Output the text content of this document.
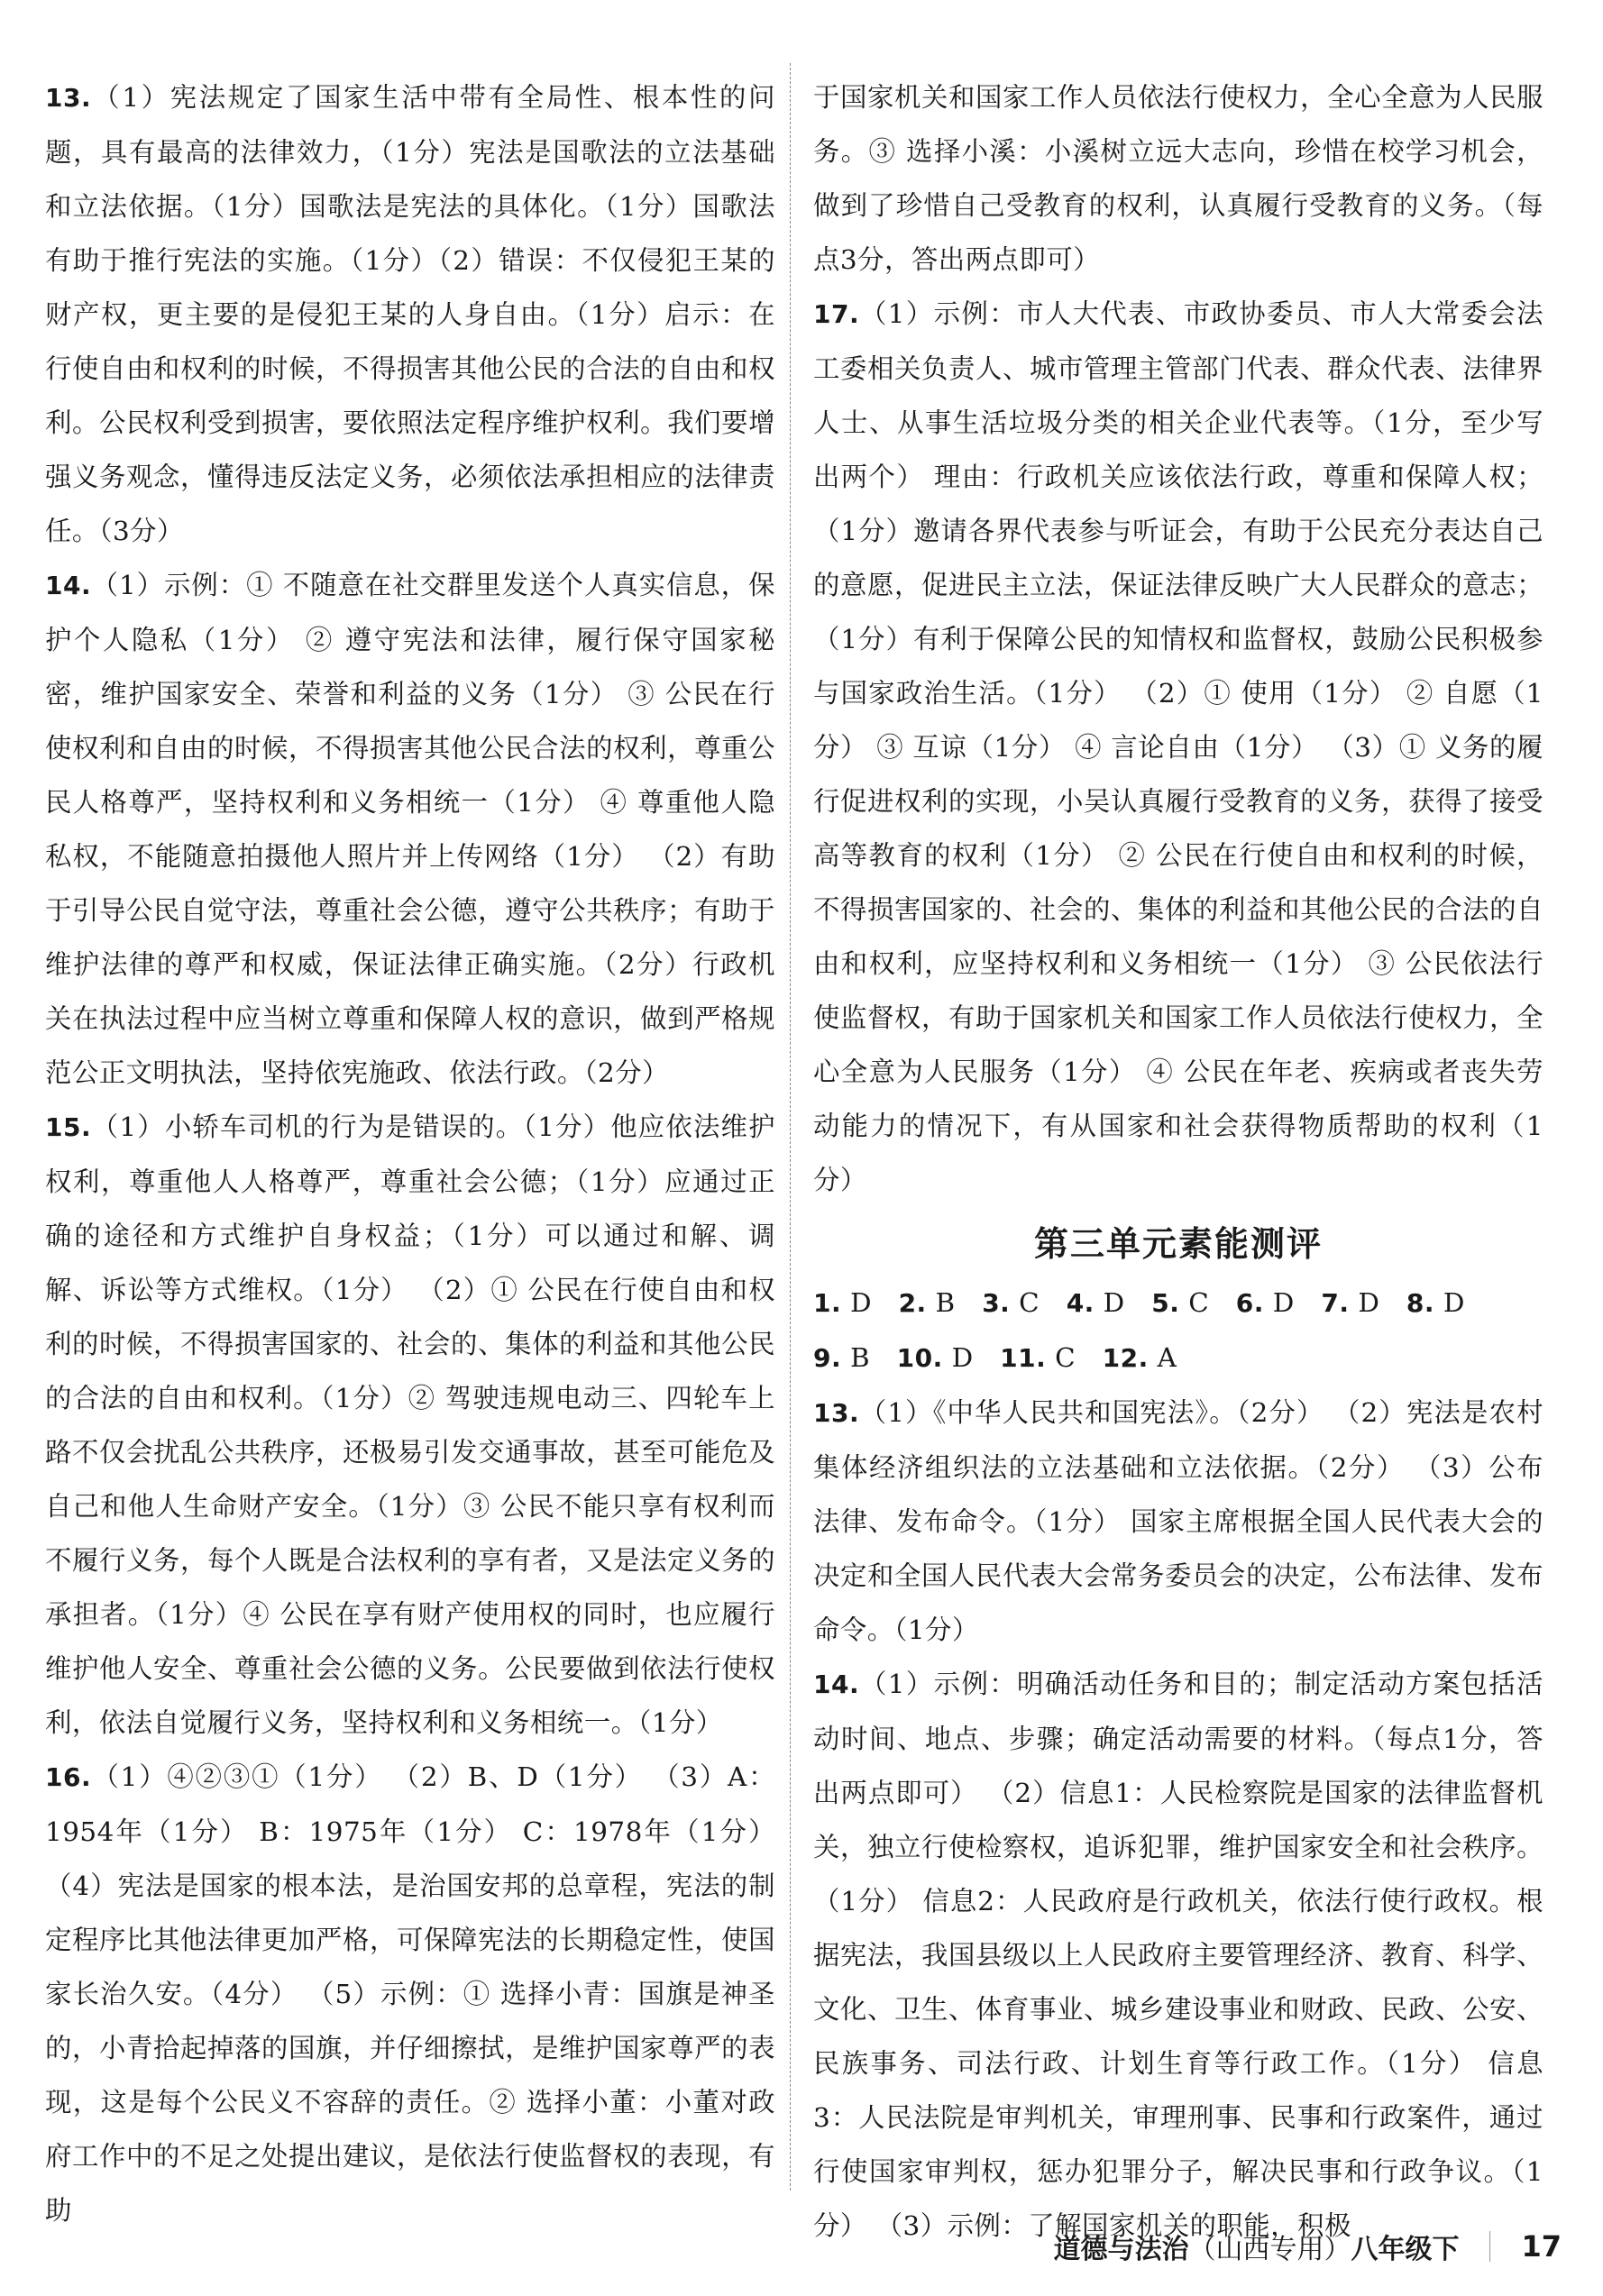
13.（1）宪法规定了国家生活中带有全局性、根本性的问题，具有最高的法律效力，（1分）宪法是国歌法的立法基础和立法依据。（1分）国歌法是宪法的具体化。（1分）国歌法有助于推行宪法的实施。（1分）（2）错误：不仅侵犯王某的财产权，更主要的是侵犯王某的人身自由。（1分）启示：在行使自由和权利的时候，不得损害其他公民的合法的自由和权利。公民权利受到损害，要依照法定程序维护权利。我们要增强义务观念，懂得违反法定义务，必须依法承担相应的法律责任。（3分）

14.（1）示例：① 不随意在社交群里发送个人真实信息，保护个人隐私（1分） ② 遵守宪法和法律，履行保守国家秘密，维护国家安全、荣誉和利益的义务（1分） ③ 公民在行使权利和自由的时候，不得损害其他公民合法的权利，尊重公民人格尊严，坚持权利和义务相统一（1分） ④ 尊重他人隐私权，不能随意拍摄他人照片并上传网络（1分） （2）有助于引导公民自觉守法，尊重社会公德，遵守公共秩序；有助于维护法律的尊严和权威，保证法律正确实施。（2分）行政机关在执法过程中应当树立尊重和保障人权的意识，做到严格规范公正文明执法，坚持依宪施政、依法行政。（2分）

15.（1）小轿车司机的行为是错误的。（1分）他应依法维护权利，尊重他人人格尊严，尊重社会公德；（1分）应通过正确的途径和方式维护自身权益；（1分）可以通过和解、调解、诉讼等方式维权。（1分） （2）① 公民在行使自由和权利的时候，不得损害国家的、社会的、集体的利益和其他公民的合法的自由和权利。（1分）② 驾驶违规电动三、四轮车上路不仅会扰乱公共秩序，还极易引发交通事故，甚至可能危及自己和他人生命财产安全。（1分）③ 公民不能只享有权利而不履行义务，每个人既是合法权利的享有者，又是法定义务的承担者。（1分）④ 公民在享有财产使用权的同时，也应履行维护他人安全、尊重社会公德的义务。公民要做到依法行使权利，依法自觉履行义务，坚持权利和义务相统一。（1分）

16.（1）④②③①（1分） （2）B、D（1分） （3）A：1954年（1分） B：1975年（1分） C：1978年（1分） （4）宪法是国家的根本法，是治国安邦的总章程，宪法的制定程序比其他法律更加严格，可保障宪法的长期稳定性，使国家长治久安。（4分） （5）示例：① 选择小青：国旗是神圣的，小青拾起掉落的国旗，并仔细擦拭，是维护国家尊严的表现，这是每个公民义不容辞的责任。② 选择小董：小董对政府工作中的不足之处提出建议，是依法行使监督权的表现，有助

于国家机关和国家工作人员依法行使权力，全心全意为人民服务。③ 选择小溪：小溪树立远大志向，珍惜在校学习机会，做到了珍惜自己受教育的权利，认真履行受教育的义务。（每点3分，答出两点即可）

17.（1）示例：市人大代表、市政协委员、市人大常委会法工委相关负责人、城市管理主管部门代表、群众代表、法律界人士、从事生活垃圾分类的相关企业代表等。（1分，至少写出两个） 理由：行政机关应该依法行政，尊重和保障人权；（1分）邀请各界代表参与听证会，有助于公民充分表达自己的意愿，促进民主立法，保证法律反映广大人民群众的意志；（1分）有利于保障公民的知情权和监督权，鼓励公民积极参与国家政治生活。（1分） （2）① 使用（1分） ② 自愿（1分） ③ 互谅（1分） ④ 言论自由（1分） （3）① 义务的履行促进权利的实现，小吴认真履行受教育的义务，获得了接受高等教育的权利（1分） ② 公民在行使自由和权利的时候，不得损害国家的、社会的、集体的利益和其他公民的合法的自由和权利，应坚持权利和义务相统一（1分） ③ 公民依法行使监督权，有助于国家机关和国家工作人员依法行使权力，全心全意为人民服务（1分） ④ 公民在年老、疾病或者丧失劳动能力的情况下，有从国家和社会获得物质帮助的权利（1分）

第三单元素能测评

1. D 2. B 3. C 4. D 5. C 6. D 7. D 8. D

9. B 10. D 11. C 12. A

13.（1）《中华人民共和国宪法》。（2分） （2）宪法是农村集体经济组织法的立法基础和立法依据。（2分） （3）公布法律、发布命令。（1分） 国家主席根据全国人民代表大会的决定和全国人民代表大会常务委员会的决定，公布法律、发布命令。（1分）

14.（1）示例：明确活动任务和目的；制定活动方案包括活动时间、地点、步骤；确定活动需要的材料。（每点1分，答出两点即可） （2）信息1：人民检察院是国家的法律监督机关，独立行使检察权，追诉犯罪，维护国家安全和社会秩序。（1分） 信息2：人民政府是行政机关，依法行使行政权。根据宪法，我国县级以上人民政府主要管理经济、教育、科学、文化、卫生、体育事业、城乡建设事业和财政、民政、公安、民族事务、司法行政、计划生育等行政工作。（1分） 信息3：人民法院是审判机关，审理刑事、民事和行政案件，通过行使国家审判权，惩办犯罪分子，解决民事和行政争议。（1分） （3）示例：了解国家机关的职能，积极

道德与法治 （山西专用） 八年级下 17
